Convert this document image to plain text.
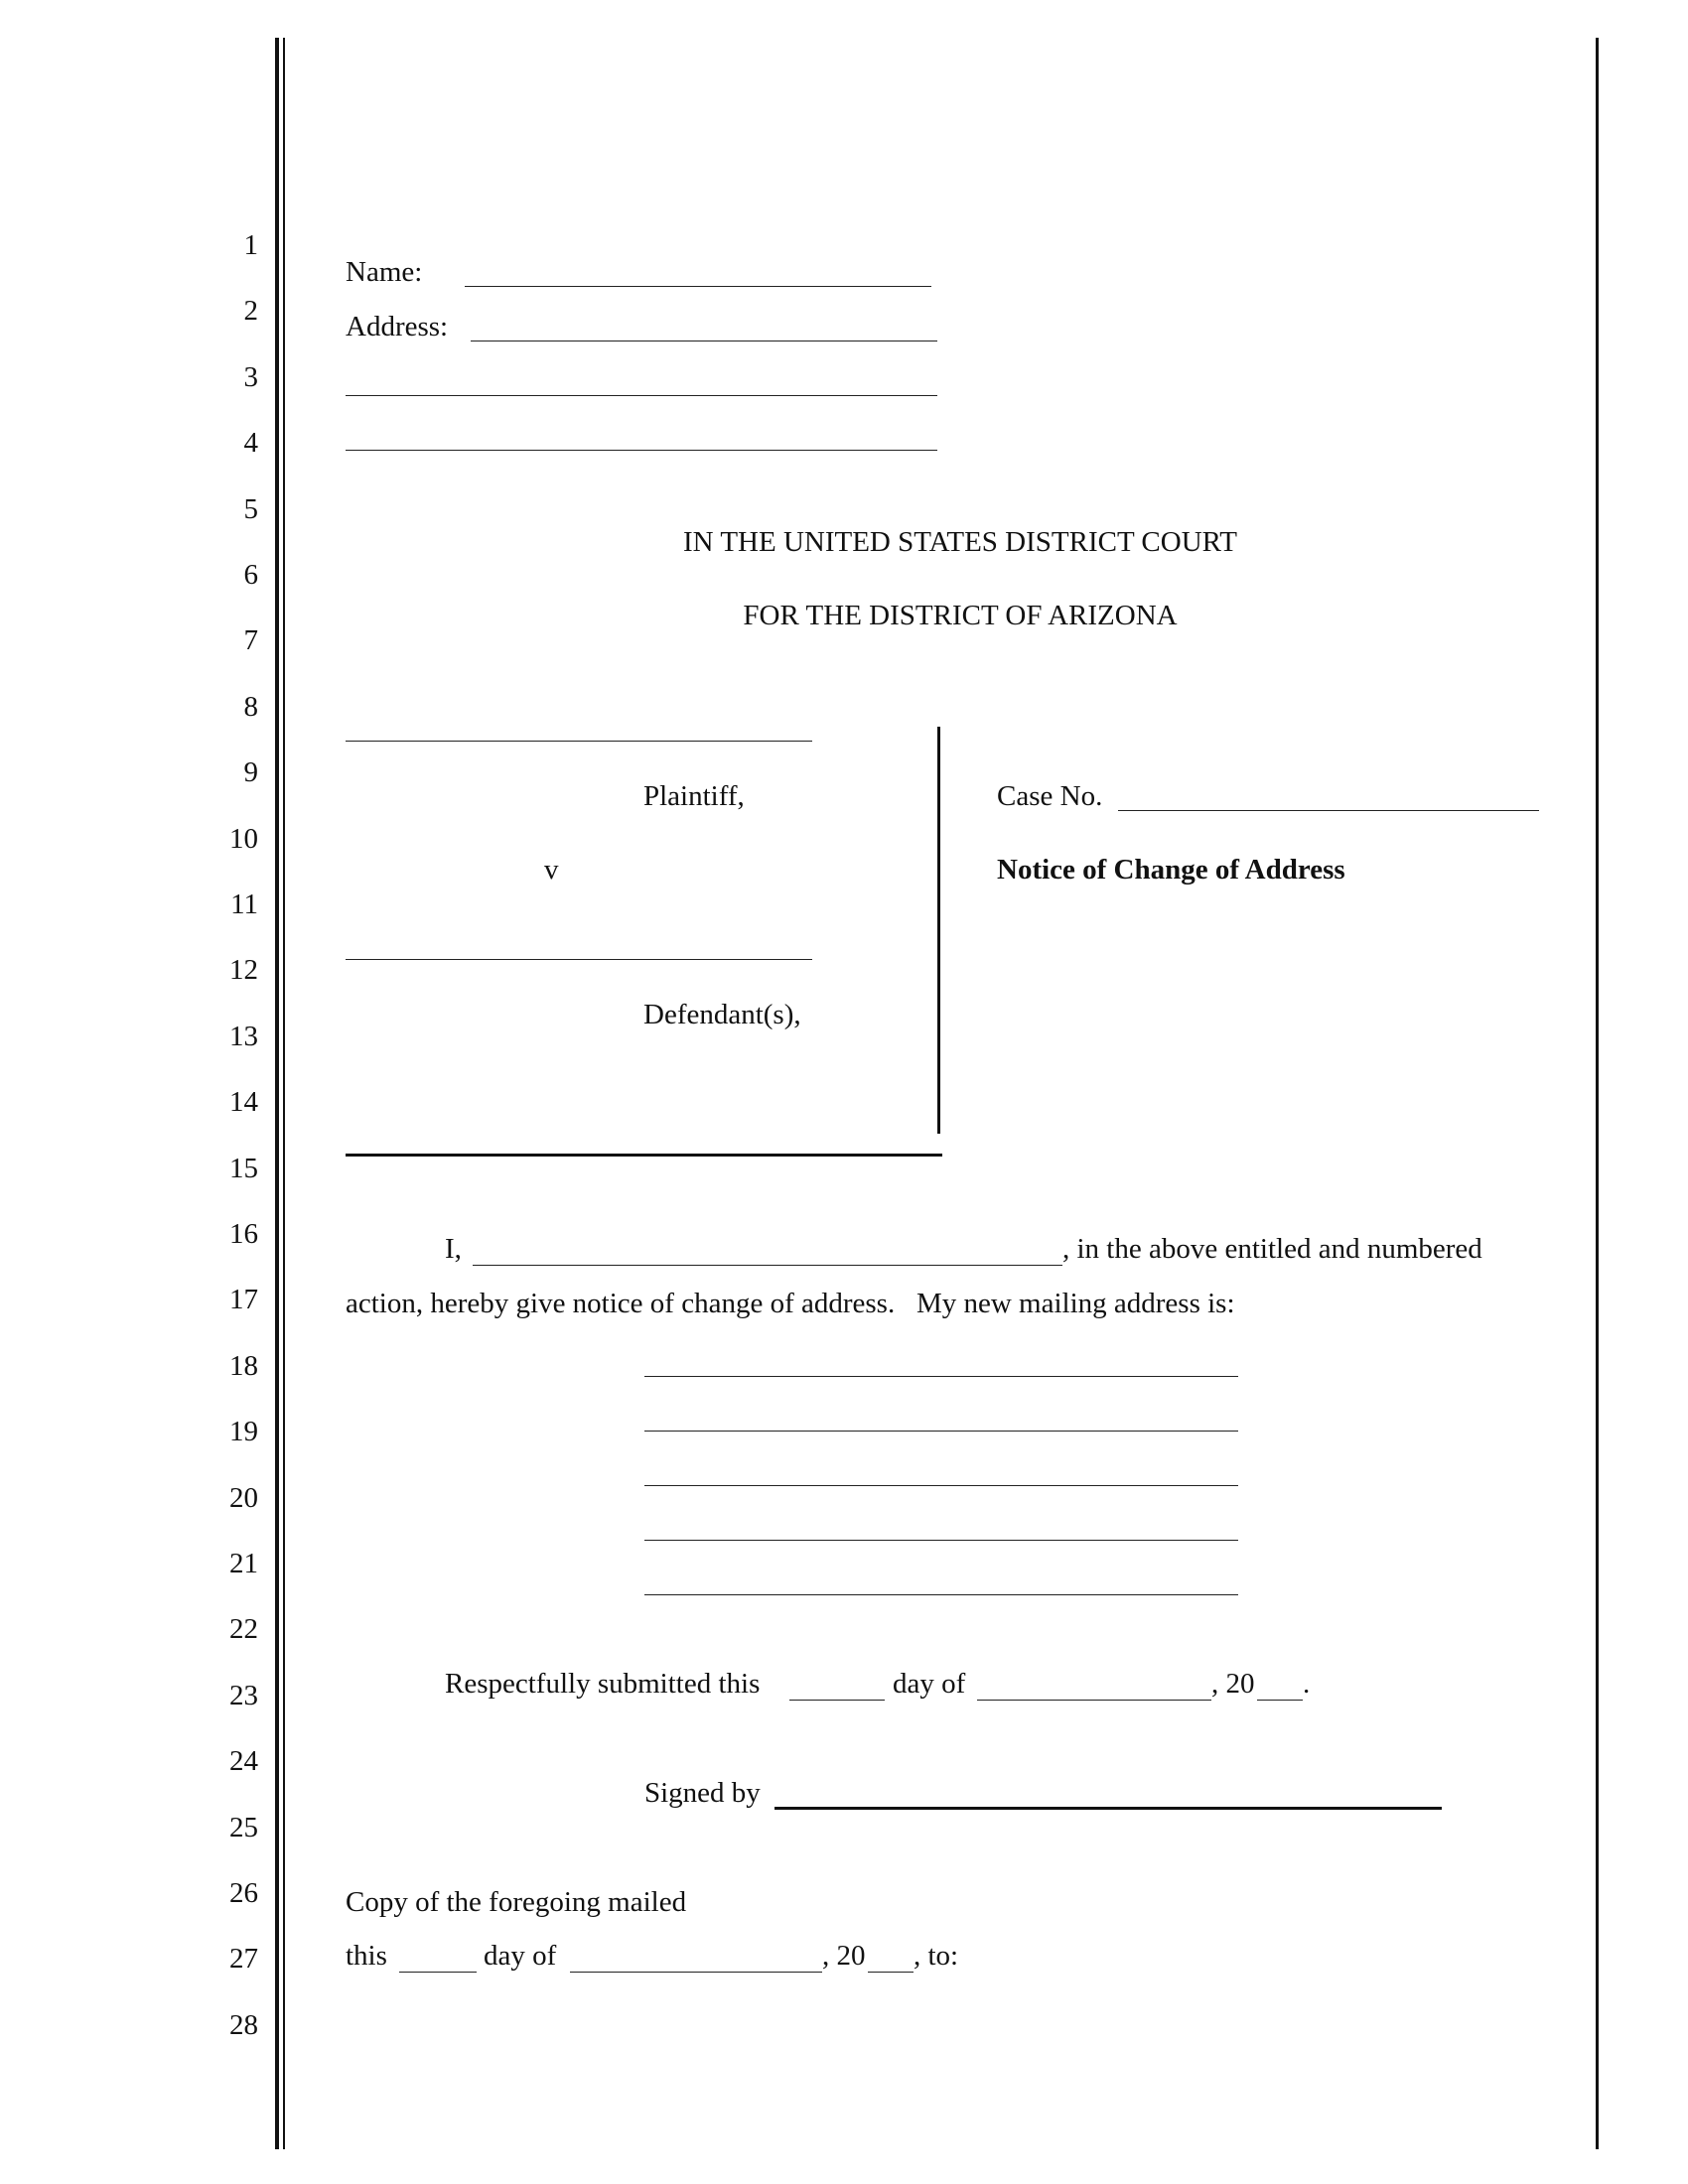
1
2
3
4
5
6
7
8
9
10
11
12
13
14
15
16
17
18
19
20
21
22
23
24
25
26
27
28
Name:
Address:
IN THE UNITED STATES DISTRICT COURT
FOR THE DISTRICT OF ARIZONA
Plaintiff,
v
Defendant(s),
Case No.
Notice of Change of Address
I,	, in the above entitled and numbered
action, hereby give notice of change of address.   My new mailing address is:
Respectfully submitted this	day of	, 20 .
Signed by
Copy of the foregoing mailed
this	day of	, 20 , to:
